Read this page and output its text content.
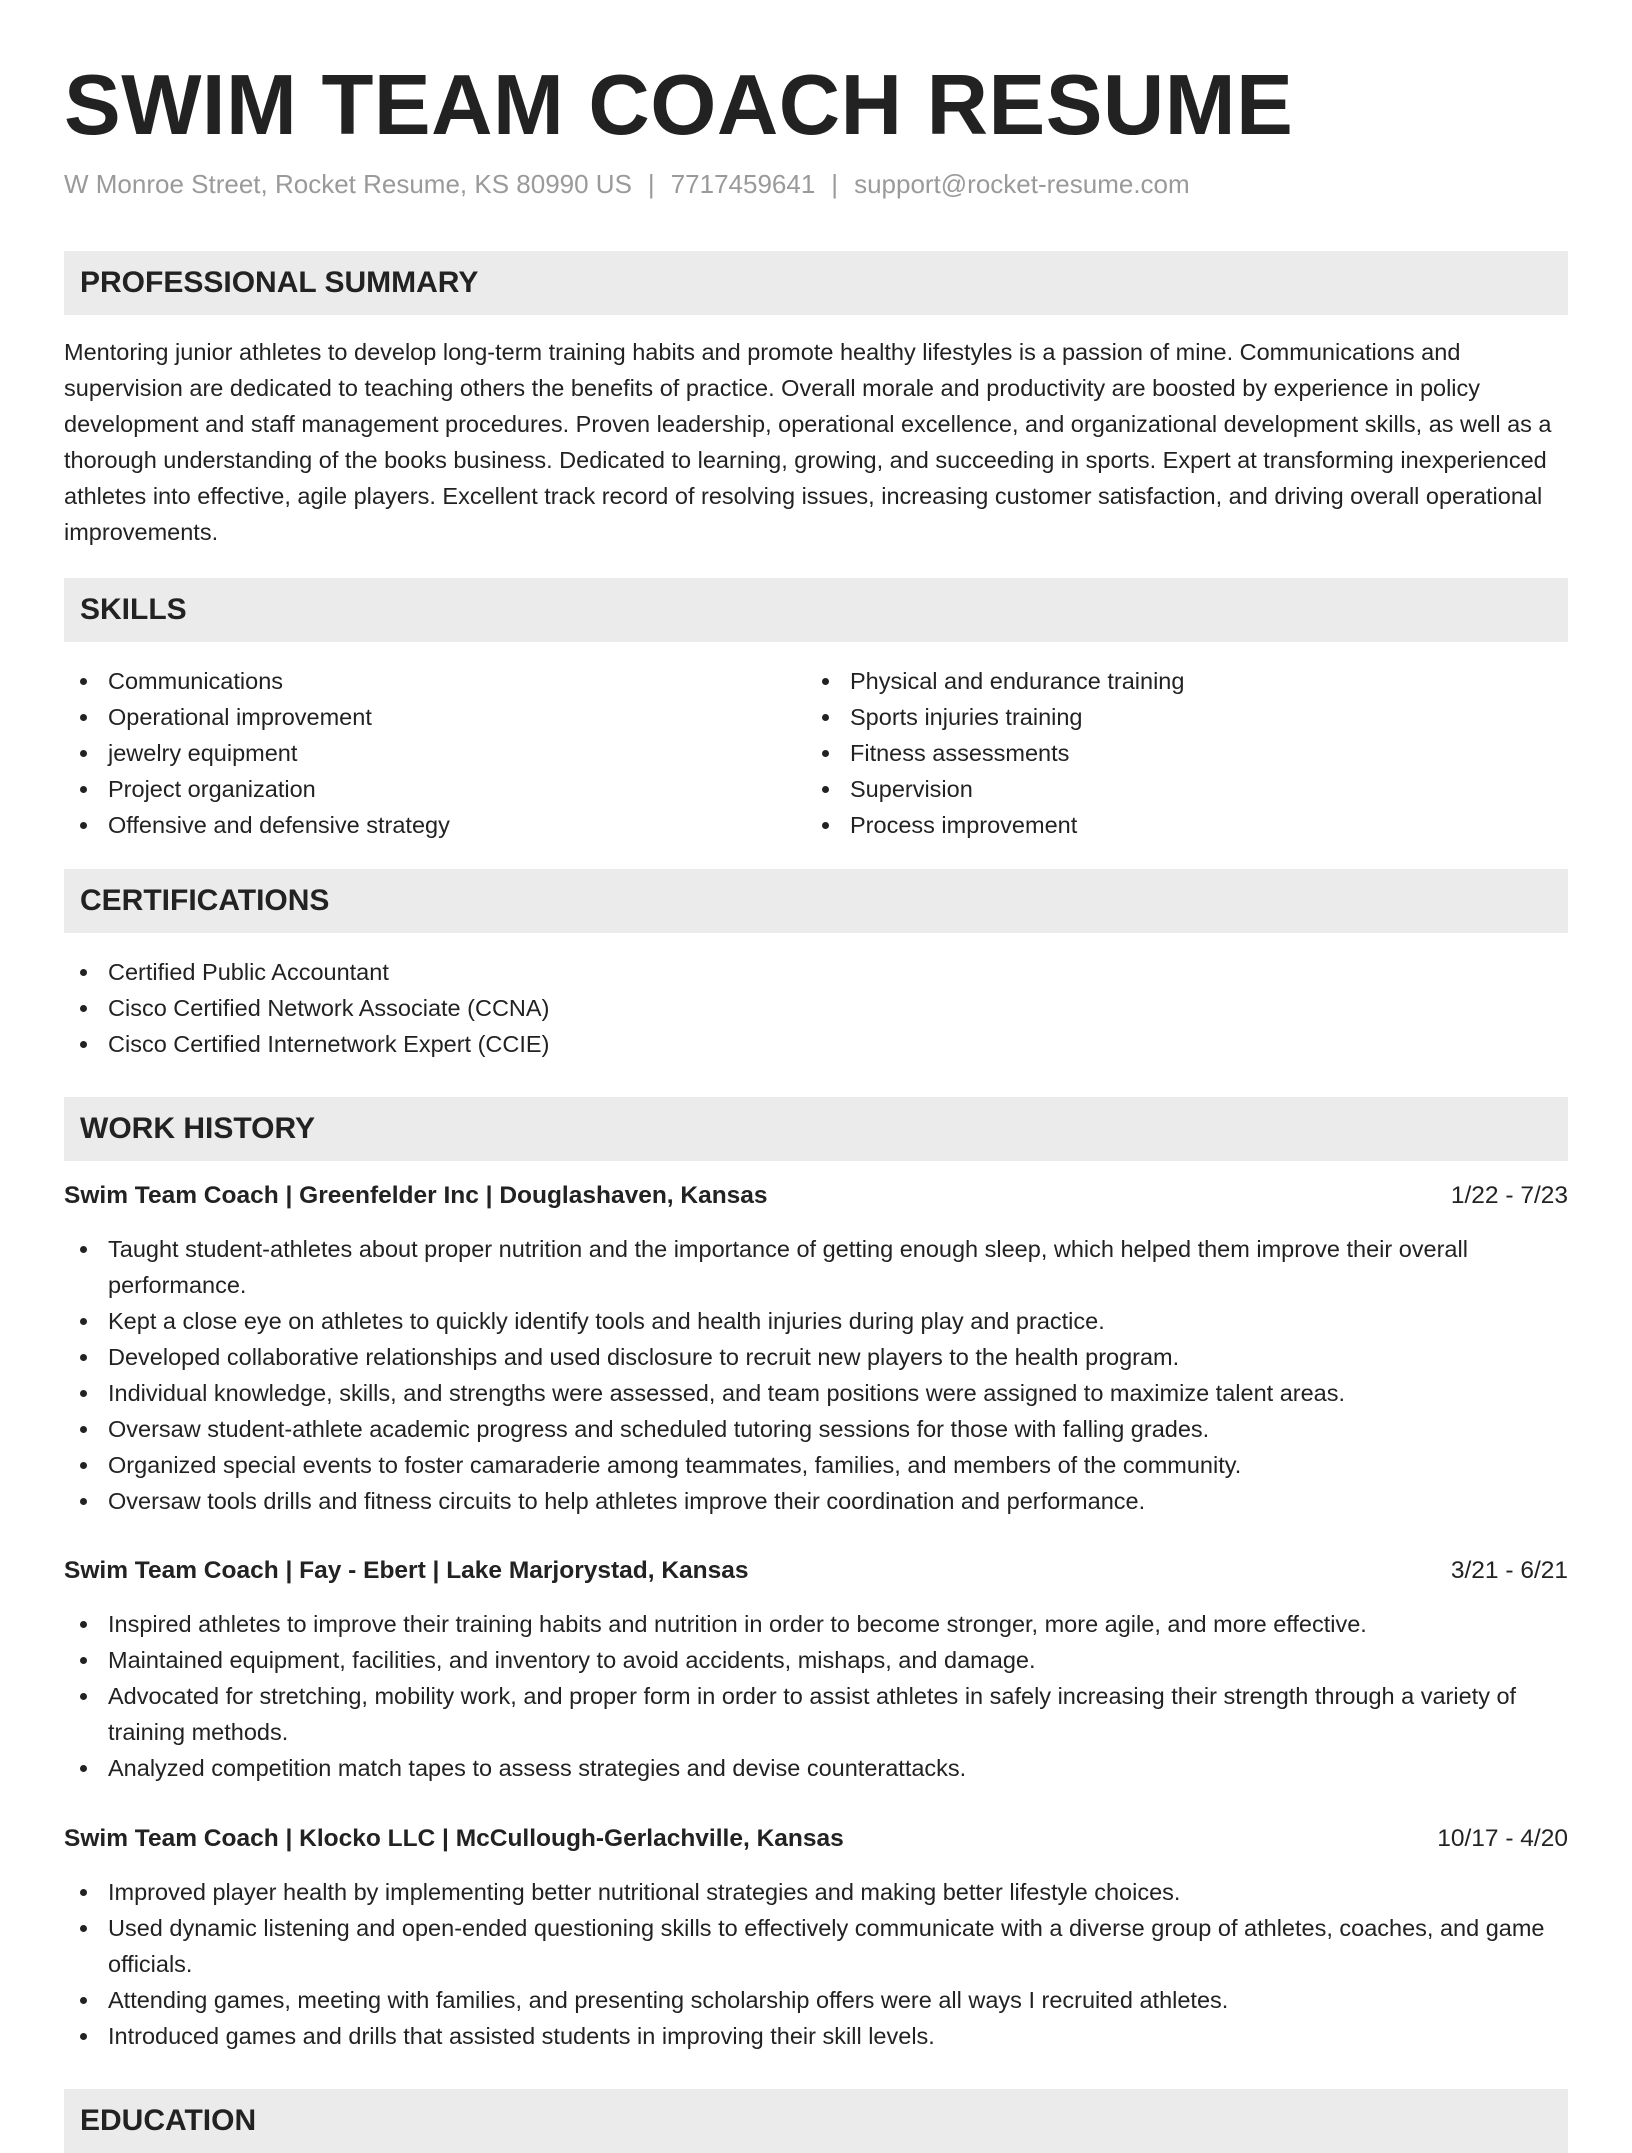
SWIM TEAM COACH RESUME
W Monroe Street, Rocket Resume, KS 80990 US | 7717459641 | support@rocket-resume.com
PROFESSIONAL SUMMARY

Mentoring junior athletes to develop long-term training habits and promote healthy lifestyles is a passion of mine. Communications and supervision are dedicated to teaching others the benefits of practice. Overall morale and productivity are boosted by experience in policy development and staff management procedures. Proven leadership, operational excellence, and organizational development skills, as well as a thorough understanding of the books business. Dedicated to learning, growing, and succeeding in sports. Expert at transforming inexperienced athletes into effective, agile players. Excellent track record of resolving issues, increasing customer satisfaction, and driving overall operational improvements.

SKILLS
Communications
Operational improvement
jewelry equipment
Project organization
Offensive and defensive strategy
Physical and endurance training
Sports injuries training
Fitness assessments
Supervision
Process improvement
CERTIFICATIONS
Certified Public Accountant
Cisco Certified Network Associate (CCNA)
Cisco Certified Internetwork Expert (CCIE)
WORK HISTORY
Swim Team Coach | Greenfelder Inc | Douglashaven, Kansas	1/22 - 7/23
Taught student-athletes about proper nutrition and the importance of getting enough sleep, which helped them improve their overall performance.
Kept a close eye on athletes to quickly identify tools and health injuries during play and practice.
Developed collaborative relationships and used disclosure to recruit new players to the health program.
Individual knowledge, skills, and strengths were assessed, and team positions were assigned to maximize talent areas.
Oversaw student-athlete academic progress and scheduled tutoring sessions for those with falling grades.
Organized special events to foster camaraderie among teammates, families, and members of the community.
Oversaw tools drills and fitness circuits to help athletes improve their coordination and performance.
Swim Team Coach | Fay - Ebert | Lake Marjorystad, Kansas	3/21 - 6/21
Inspired athletes to improve their training habits and nutrition in order to become stronger, more agile, and more effective.
Maintained equipment, facilities, and inventory to avoid accidents, mishaps, and damage.
Advocated for stretching, mobility work, and proper form in order to assist athletes in safely increasing their strength through a variety of training methods.
Analyzed competition match tapes to assess strategies and devise counterattacks.
Swim Team Coach | Klocko LLC | McCullough-Gerlachville, Kansas	10/17 - 4/20
Improved player health by implementing better nutritional strategies and making better lifestyle choices.
Used dynamic listening and open-ended questioning skills to effectively communicate with a diverse group of athletes, coaches, and game officials.
Attending games, meeting with families, and presenting scholarship offers were all ways I recruited athletes.
Introduced games and drills that assisted students in improving their skill levels.
EDUCATION
